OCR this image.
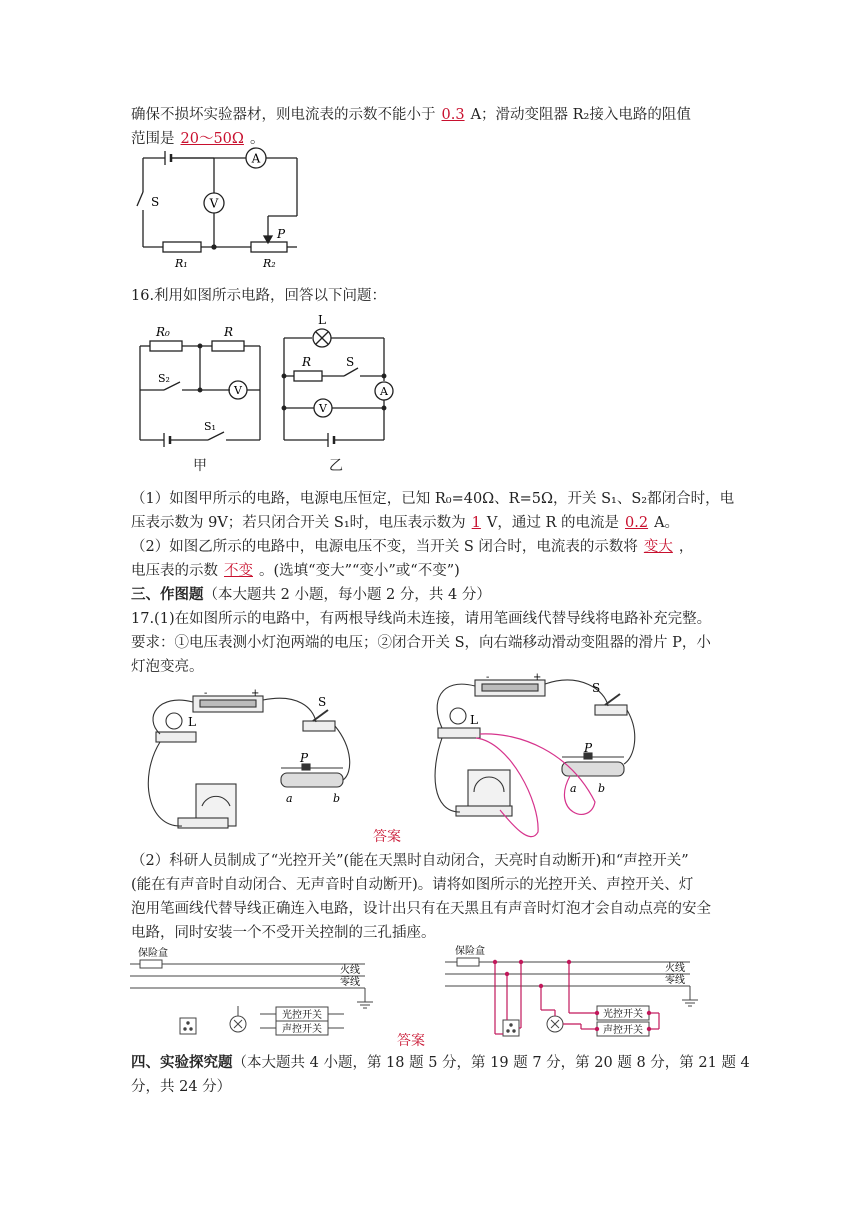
确保不损坏实验器材，则电流表的示数不能小于 0.3 A；滑动变阻器 R₂接入电路的阻值
范围是 20～50Ω 。
A
V
S
P
R₁	R₂
16.利用如图所示电路，回答以下问题：
R₀	R
S₂
S₁
V
甲
L
R	S
A
V
乙
（1）如图甲所示的电路，电源电压恒定，已知 R₀=40Ω、R=5Ω，开关 S₁、S₂都闭合时，电
压表示数为 9V；若只闭合开关 S₁时，电压表示数为 1 V，通过 R 的电流是 0.2 A。
（2）如图乙所示的电路中，电源电压不变，当开关 S 闭合时，电流表的示数将 变大 ，
电压表的示数 不变 。(选填“变大”“变小”或“不变”)
三、作图题（本大题共 2 小题，每小题 2 分，共 4 分）
17.(1)在如图所示的电路中，有两根导线尚未连接，请用笔画线代替导线将电路补充完整。
要求：①电压表测小灯泡两端的电压；②闭合开关 S，向右端移动滑动变阻器的滑片 P，小
灯泡变亮。
-	+
S
L
P
a	b
-	+
S
L
P
a b
答案
（2）科研人员制成了“光控开关”(能在天黑时自动闭合，天亮时自动断开)和“声控开关”
(能在有声音时自动闭合、无声音时自动断开)。请将如图所示的光控开关、声控开关、灯
泡用笔画线代替导线正确连入电路，设计出只有在天黑且有声音时灯泡才会自动点亮的安全
电路，同时安装一个不受开关控制的三孔插座。
保险盒
火线
零线
光控开关
声控开关
保险盒
火线
零线
光控开关
声控开关
答案
四、实验探究题（本大题共 4 小题，第 18 题 5 分，第 19 题 7 分，第 20 题 8 分，第 21 题 4
分，共 24 分）
